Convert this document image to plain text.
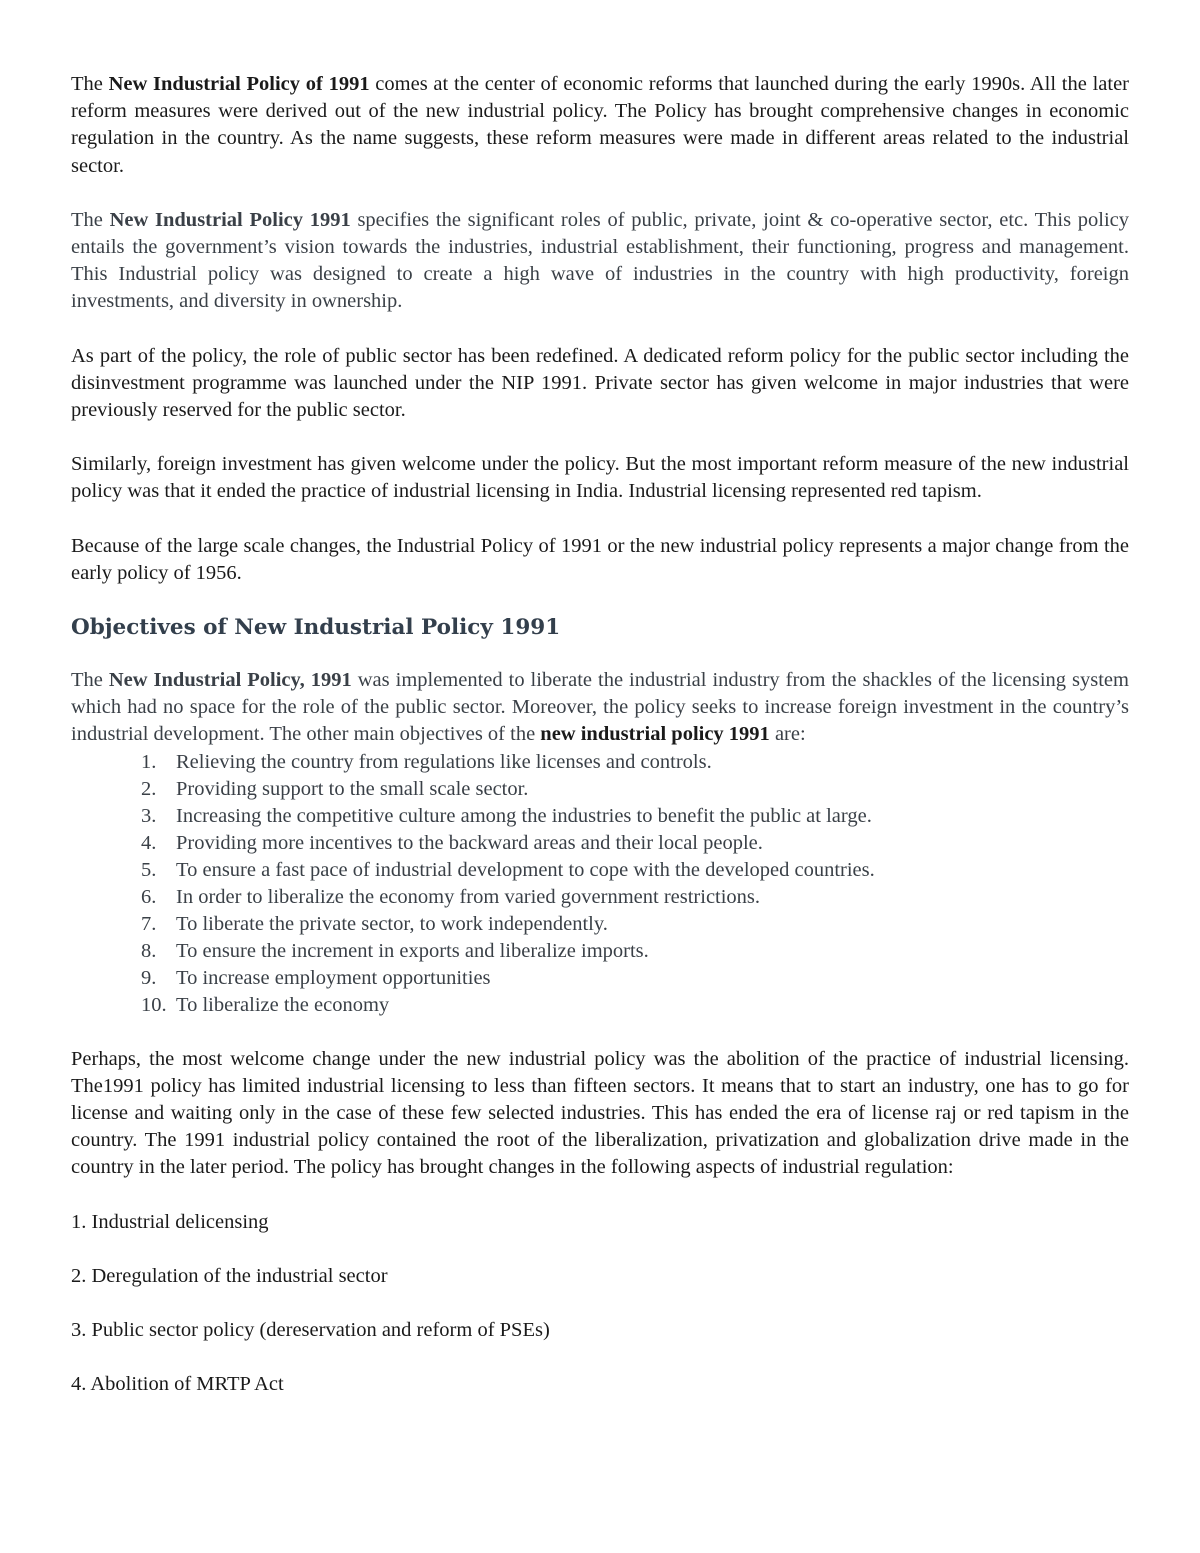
The New Industrial Policy of 1991 comes at the center of economic reforms that launched during the early 1990s. All the later reform measures were derived out of the new industrial policy. The Policy has brought comprehensive changes in economic regulation in the country. As the name suggests, these reform measures were made in different areas related to the industrial sector.

The New Industrial Policy 1991 specifies the significant roles of public, private, joint & co-operative sector, etc. This policy entails the government’s vision towards the industries, industrial establishment, their functioning, progress and management. This Industrial policy was designed to create a high wave of industries in the country with high productivity, foreign investments, and diversity in ownership.

As part of the policy, the role of public sector has been redefined. A dedicated reform policy for the public sector including the disinvestment programme was launched under the NIP 1991. Private sector has given welcome in major industries that were previously reserved for the public sector.

Similarly, foreign investment has given welcome under the policy. But the most important reform measure of the new industrial policy was that it ended the practice of industrial licensing in India. Industrial licensing represented red tapism.

Because of the large scale changes, the Industrial Policy of 1991 or the new industrial policy represents a major change from the early policy of 1956.

Objectives of New Industrial Policy 1991

The New Industrial Policy, 1991 was implemented to liberate the industrial industry from the shackles of the licensing system which had no space for the role of the public sector. Moreover, the policy seeks to increase foreign investment in the country’s industrial development. The other main objectives of the new industrial policy 1991 are:

1. Relieving the country from regulations like licenses and controls.
2. Providing support to the small scale sector.
3. Increasing the competitive culture among the industries to benefit the public at large.
4. Providing more incentives to the backward areas and their local people.
5. To ensure a fast pace of industrial development to cope with the developed countries.
6. In order to liberalize the economy from varied government restrictions.
7. To liberate the private sector, to work independently.
8. To ensure the increment in exports and liberalize imports.
9. To increase employment opportunities
10. To liberalize the economy

Perhaps, the most welcome change under the new industrial policy was the abolition of the practice of industrial licensing. The1991 policy has limited industrial licensing to less than fifteen sectors. It means that to start an industry, one has to go for license and waiting only in the case of these few selected industries. This has ended the era of license raj or red tapism in the country. The 1991 industrial policy contained the root of the liberalization, privatization and globalization drive made in the country in the later period. The policy has brought changes in the following aspects of industrial regulation:

1. Industrial delicensing
2. Deregulation of the industrial sector
3. Public sector policy (dereservation and reform of PSEs)
4. Abolition of MRTP Act
